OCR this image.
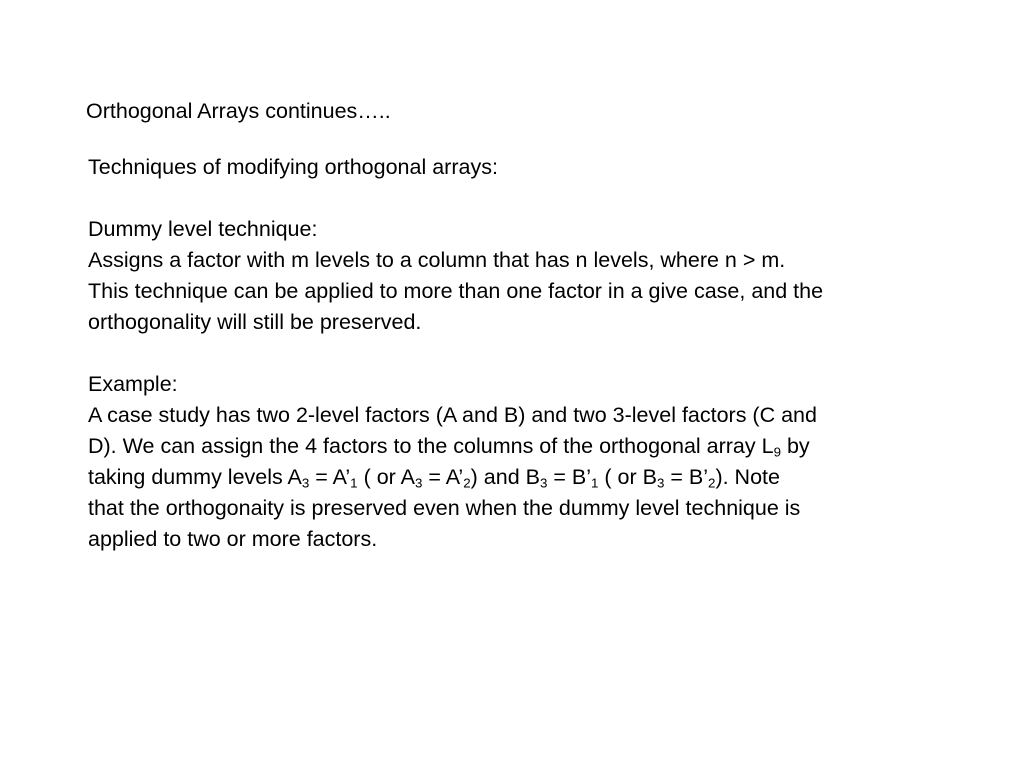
Orthogonal Arrays continues…..
Techniques of modifying orthogonal arrays:
Dummy level technique:
Assigns a factor with m levels to a column that has n levels, where n > m.
This technique can be applied to more than one factor in a give case, and the
orthogonality will still be preserved.
Example:
A case study has two 2-level factors (A and B) and two 3-level factors (C and
D). We can assign the 4 factors to the columns of the orthogonal array $L_9$ by
taking dummy levels $A_3$ = $A’_1$ ( or $A_3$ = $A’_2$) and $B_3$ = $B’_1$ ( or $B_3$ = $B’_2$). Note
that the orthogonaity is preserved even when the dummy level technique is
applied to two or more factors.
